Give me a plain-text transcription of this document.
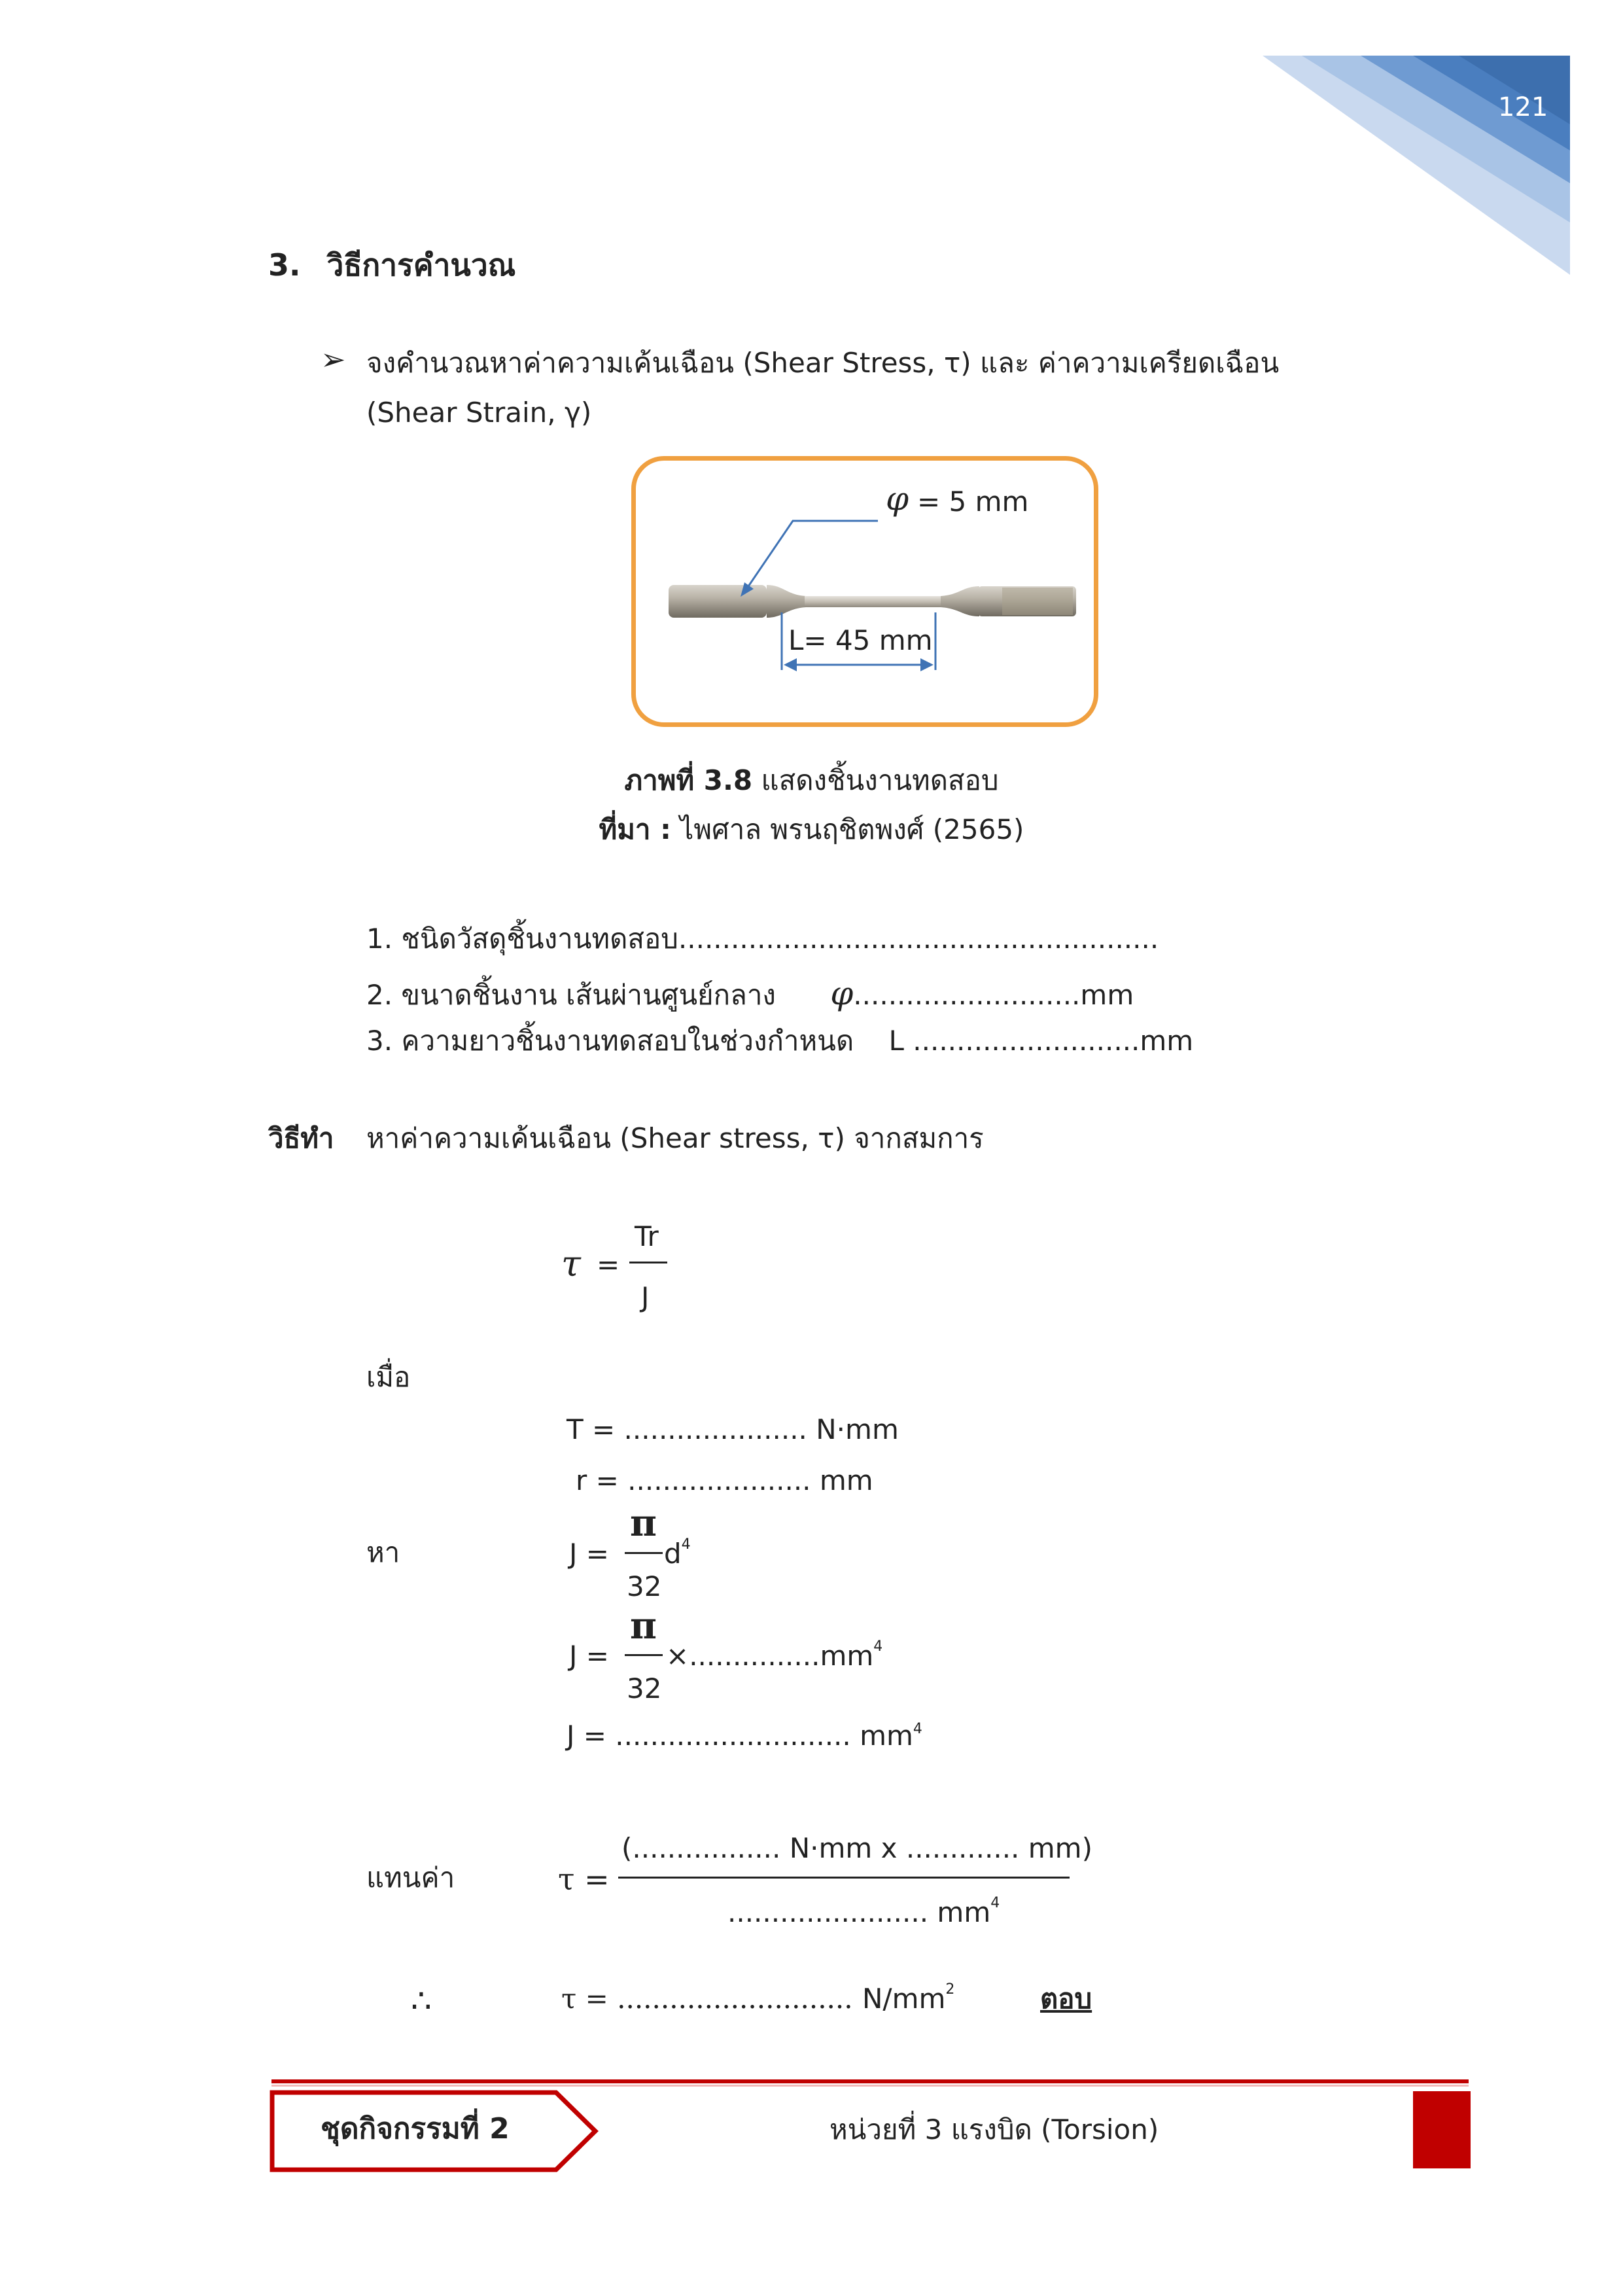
121
3. วิธีการคำนวณ
➢ จงคำนวณหาค่าความเค้นเฉือน (Shear Stress, τ) และ ค่าความเครียดเฉือน
(Shear Strain, γ)
φ = 5 mm
L= 45 mm
ภาพที่ 3.8 แสดงชิ้นงานทดสอบ
ที่มา : ไพศาล พรนฤชิตพงศ์ (2565)
1. ชนิดวัสดุชิ้นงานทดสอบ.......................................................
2. ขนาดชิ้นงาน เส้นผ่านศูนย์กลาง φ..........................mm
3. ความยาวชิ้นงานทดสอบในช่วงกำหนด L ..........................mm
วิธีทำ หาค่าความเค้นเฉือน (Shear stress, τ) จากสมการ
τ =
Tr
J
เมื่อ
T = ..................... N·mm
r = ..................... mm
หา	J =
π
32
$d^4$
J =
π
32
$\times...............mm^4$
J = ........................... $mm^4$
แทนค่า	τ =
(................. N·mm x ............. mm)
....................... $mm^4$
∴	τ = ........................... $N/mm^2$	ตอบ
ชุดกิจกรรมที่ 2	หน่วยที่ 3 แรงบิด (Torsion)
